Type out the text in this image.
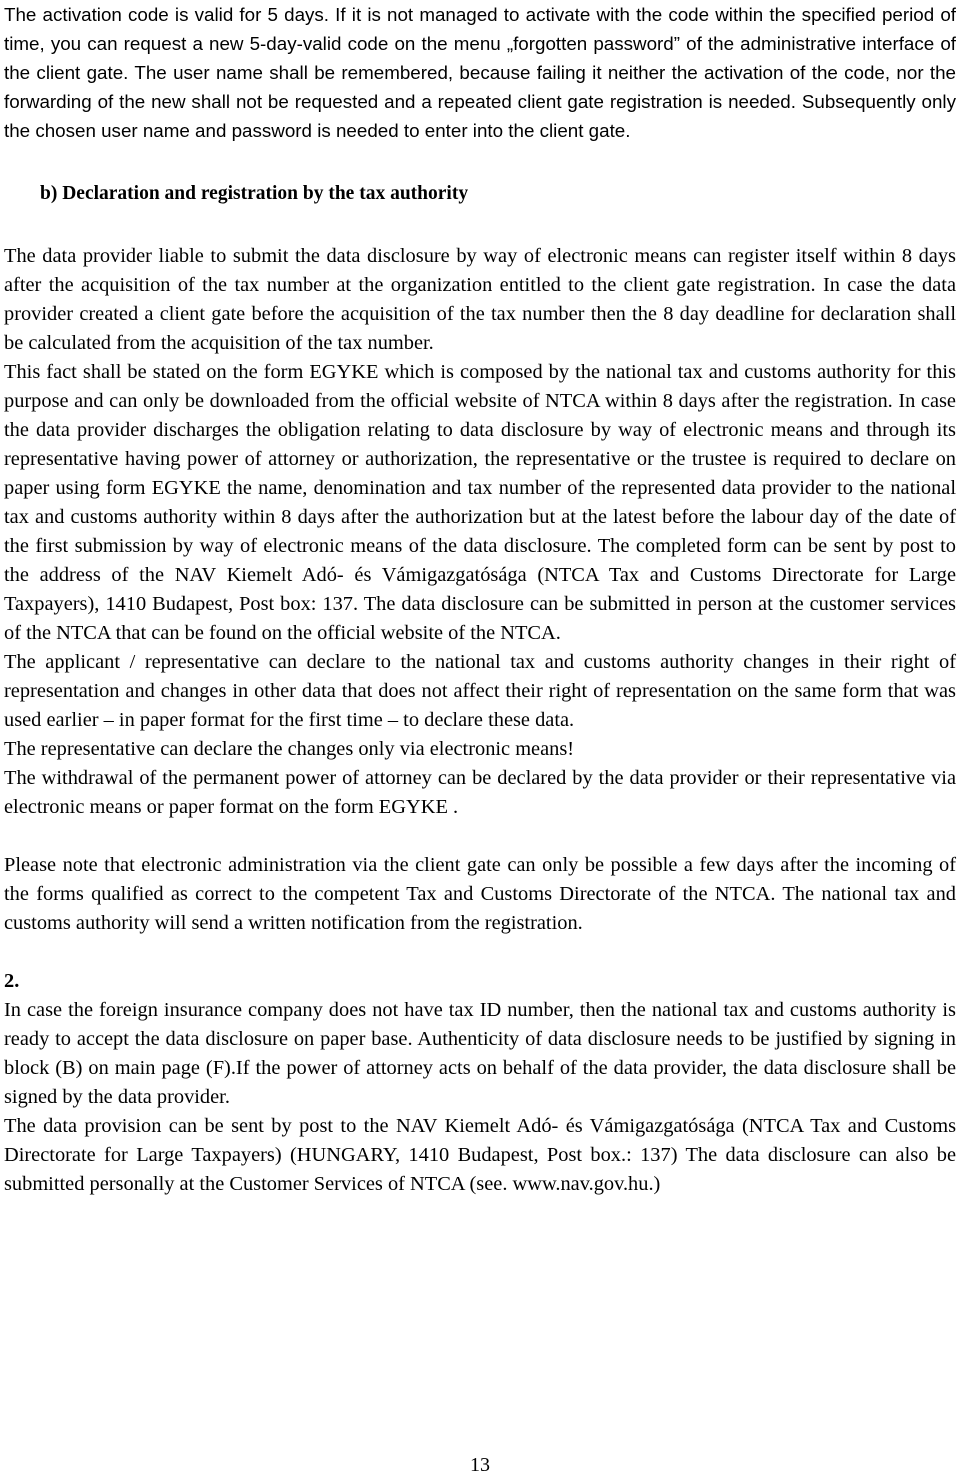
The activation code is valid for 5 days. If it is not managed to activate with the code within the specified period of time, you can request a new 5-day-valid code on the menu „forgotten password” of the administrative interface of the client gate. The user name shall be remembered, because failing it neither the activation of the code, nor the forwarding of the new shall not be requested and a repeated client gate registration is needed. Subsequently only the chosen user name and password is needed to enter into the client gate.

b) Declaration and registration by the tax authority

The data provider liable to submit the data disclosure by way of electronic means can register itself within 8 days after the acquisition of the tax number at the organization entitled to the client gate registration. In case the data provider created a client gate before the acquisition of the tax number then the 8 day deadline for declaration shall be calculated from the acquisition of the tax number.

This fact shall be stated on the form EGYKE which is composed by the national tax and customs authority for this purpose and can only be downloaded from the official website of NTCA within 8 days after the registration. In case the data provider discharges the obligation relating to data disclosure by way of electronic means and through its representative having power of attorney or authorization, the representative or the trustee is required to declare on paper using form EGYKE the name, denomination and tax number of the represented data provider to the national tax and customs authority within 8 days after the authorization but at the latest before the labour day of the date of the first submission by way of electronic means of the data disclosure. The completed form can be sent by post to the address of the NAV Kiemelt Adó- és Vámigazgatósága (NTCA Tax and Customs Directorate for Large Taxpayers), 1410 Budapest, Post box: 137. The data disclosure can be submitted in person at the customer services of the NTCA that can be found on the official website of the NTCA.

The applicant / representative can declare to the national tax and customs authority changes in their right of representation and changes in other data that does not affect their right of representation on the same form that was used earlier – in paper format for the first time – to declare these data.

The representative can declare the changes only via electronic means!

The withdrawal of the permanent power of attorney can be declared by the data provider or their representative via electronic means or paper format on the form EGYKE .

Please note that electronic administration via the client gate can only be possible a few days after the incoming of the forms qualified as correct to the competent Tax and Customs Directorate of the NTCA. The national tax and customs authority will send a written notification from the registration.

2.

In case the foreign insurance company does not have tax ID number, then the national tax and customs authority is ready to accept the data disclosure on paper base. Authenticity of data disclosure needs to be justified by signing in block (B) on main page (F).If the power of attorney acts on behalf of the data provider, the data disclosure shall be signed by the data provider.

The data provision can be sent by post to the NAV Kiemelt Adó- és Vámigazgatósága (NTCA Tax and Customs Directorate for Large Taxpayers) (HUNGARY, 1410 Budapest, Post box.: 137) The data disclosure can also be submitted personally at the Customer Services of NTCA (see. www.nav.gov.hu.)

13
